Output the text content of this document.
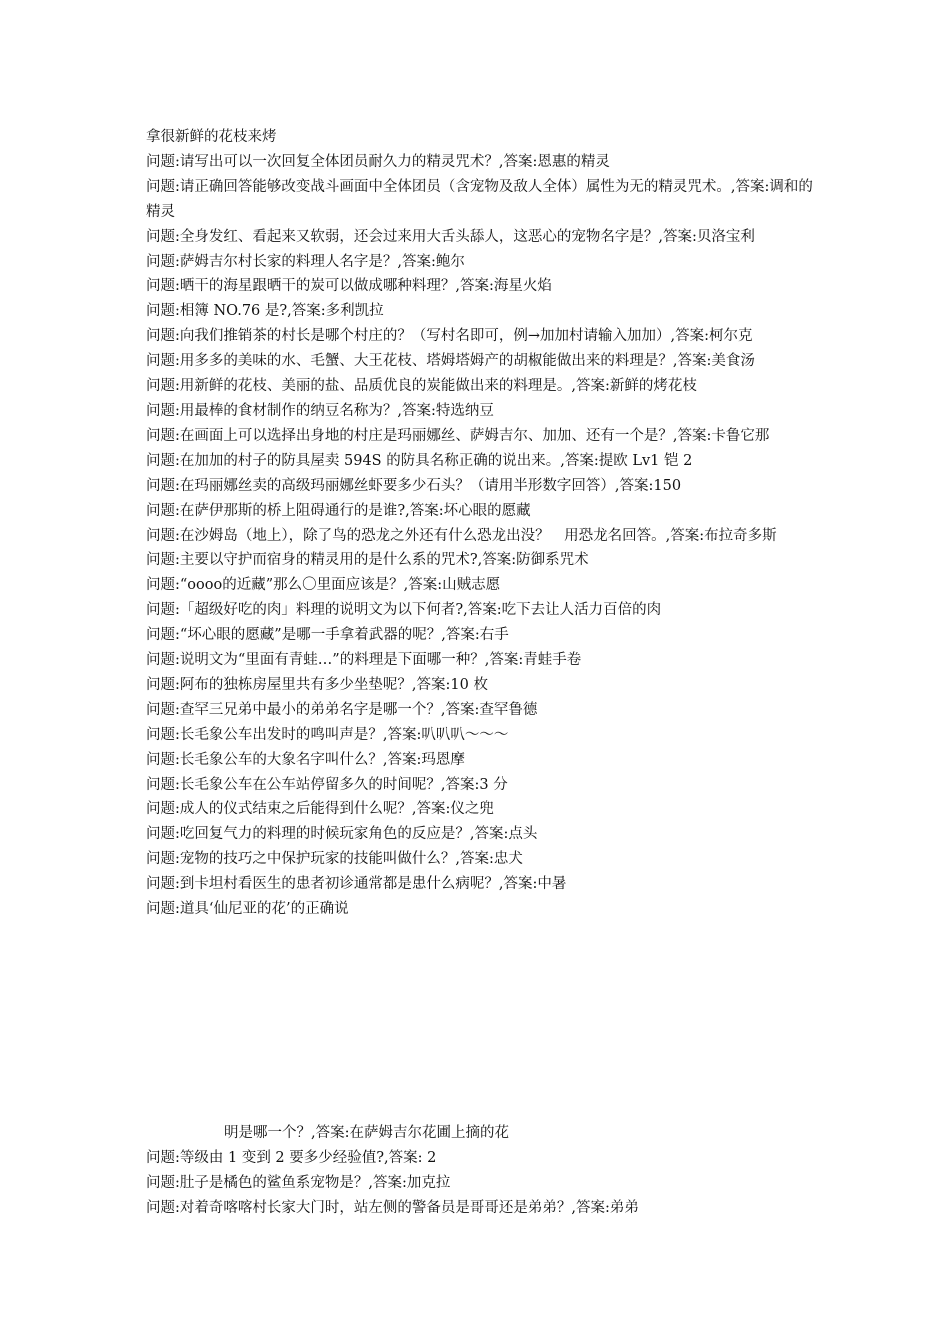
拿很新鲜的花枝来烤

问题:请写出可以一次回复全体团员耐久力的精灵咒术？,答案:恩惠的精灵

问题:请正确回答能够改变战斗画面中全体团员（含宠物及敌人全体）属性为无的精灵咒术。,答案:调和的精灵

问题:全身发红、看起来又软弱，还会过来用大舌头舔人，这恶心的宠物名字是？,答案:贝洛宝利

问题:萨姆吉尔村长家的料理人名字是？,答案:鲍尔

问题:晒干的海星跟晒干的炭可以做成哪种料理？,答案:海星火焰

问题:相簿 NO.76 是?,答案:多利凯拉

问题:向我们推销茶的村长是哪个村庄的？（写村名即可，例→加加村请输入加加）,答案:柯尔克

问题:用多多的美味的水、毛蟹、大王花枝、塔姆塔姆产的胡椒能做出来的料理是？,答案:美食汤

问题:用新鲜的花枝、美丽的盐、品质优良的炭能做出来的料理是。,答案:新鲜的烤花枝

问题:用最棒的食材制作的纳豆名称为？,答案:特选纳豆

问题:在画面上可以选择出身地的村庄是玛丽娜丝、萨姆吉尔、加加、还有一个是？,答案:卡鲁它那

问题:在加加的村子的防具屋卖 594S 的防具名称正确的说出来。,答案:提欧 Lv1 铠 2

问题:在玛丽娜丝卖的高级玛丽娜丝虾要多少石头？（请用半形数字回答）,答案:150

问题:在萨伊那斯的桥上阻碍通行的是谁?,答案:坏心眼的愿藏

问题:在沙姆岛（地上），除了鸟的恐龙之外还有什么恐龙出没？　用恐龙名回答。,答案:布拉奇多斯

问题:主要以守护而宿身的精灵用的是什么系的咒术?,答案:防御系咒术

问题:“oooo的近藏”那么〇里面应该是？,答案:山贼志愿

问题:「超级好吃的肉」料理的说明文为以下何者?,答案:吃下去让人活力百倍的肉

问题:“坏心眼的愿藏”是哪一手拿着武器的呢？,答案:右手

问题:说明文为“里面有青蛙…”的料理是下面哪一种？,答案:青蛙手卷

问题:阿布的独栋房屋里共有多少坐垫呢？,答案:10 枚

问题:查罕三兄弟中最小的弟弟名字是哪一个？,答案:查罕鲁德

问题:长毛象公车出发时的鸣叫声是？,答案:叭叭叭～～～

问题:长毛象公车的大象名字叫什么？,答案:玛恩摩

问题:长毛象公车在公车站停留多久的时间呢？,答案:3 分

问题:成人的仪式结束之后能得到什么呢？,答案:仪之兜

问题:吃回复气力的料理的时候玩家角色的反应是？,答案:点头

问题:宠物的技巧之中保护玩家的技能叫做什么？,答案:忠犬

问题:到卡坦村看医生的患者初诊通常都是患什么病呢？,答案:中暑

问题:道具‘仙尼亚的花’的正确说

明是哪一个？,答案:在萨姆吉尔花圃上摘的花

问题:等级由 1 变到 2 要多少经验值?,答案: 2

问题:肚子是橘色的鲨鱼系宠物是？,答案:加克拉

问题:对着奇喀喀村长家大门时，站左侧的警备员是哥哥还是弟弟？,答案:弟弟
